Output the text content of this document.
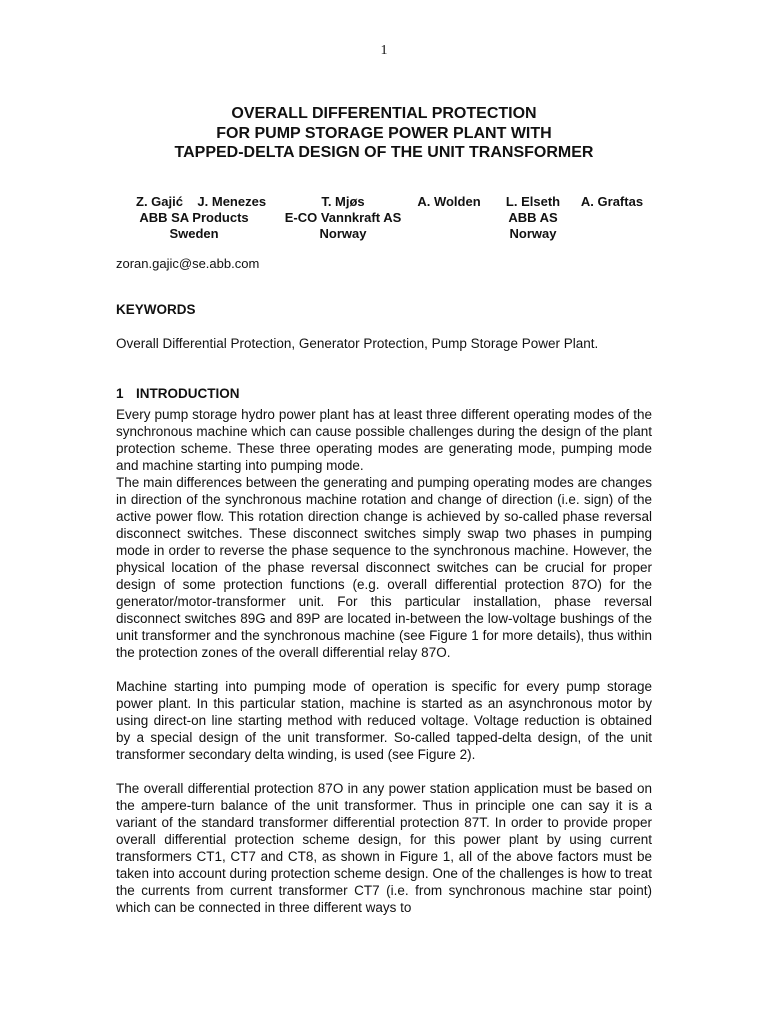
1
OVERALL DIFFERENTIAL PROTECTION
FOR PUMP STORAGE POWER PLANT WITH
TAPPED-DELTA DESIGN OF THE UNIT TRANSFORMER
Z. Gajić    J. Menezes
ABB SA Products
Sweden
T. Mjøs
E-CO Vannkraft AS
Norway
A. Wolden	L. Elseth
ABB AS
Norway
A. Graftas
zoran.gajic@se.abb.com
KEYWORDS
Overall Differential Protection, Generator Protection, Pump Storage Power Plant.
1 INTRODUCTION

Every pump storage hydro power plant has at least three different operating modes of the synchronous machine which can cause possible challenges during the design of the plant protection scheme. These three operating modes are generating mode, pumping mode and machine starting into pumping mode.

The main differences between the generating and pumping operating modes are changes in direction of the synchronous machine rotation and change of direction (i.e. sign) of the active power flow. This rotation direction change is achieved by so-called phase reversal disconnect switches. These disconnect switches simply swap two phases in pumping mode in order to reverse the phase sequence to the synchronous machine. However, the physical location of the phase reversal disconnect switches can be crucial for proper design of some protection functions (e.g. overall differential protection 87O) for the generator/motor-transformer unit. For this particular installation, phase reversal disconnect switches 89G and 89P are located in-between the low-voltage bushings of the unit transformer and the synchronous machine (see Figure 1 for more details), thus within the protection zones of the overall differential relay 87O.

Machine starting into pumping mode of operation is specific for every pump storage power plant. In this particular station, machine is started as an asynchronous motor by using direct-on line starting method with reduced voltage. Voltage reduction is obtained by a special design of the unit transformer. So-called tapped-delta design, of the unit transformer secondary delta winding, is used (see Figure 2).

The overall differential protection 87O in any power station application must be based on the ampere-turn balance of the unit transformer. Thus in principle one can say it is a variant of the standard transformer differential protection 87T. In order to provide proper overall differential protection scheme design, for this power plant by using current transformers CT1, CT7 and CT8, as shown in Figure 1, all of the above factors must be taken into account during protection scheme design. One of the challenges is how to treat the currents from current transformer CT7 (i.e. from synchronous machine star point) which can be connected in three different ways to
